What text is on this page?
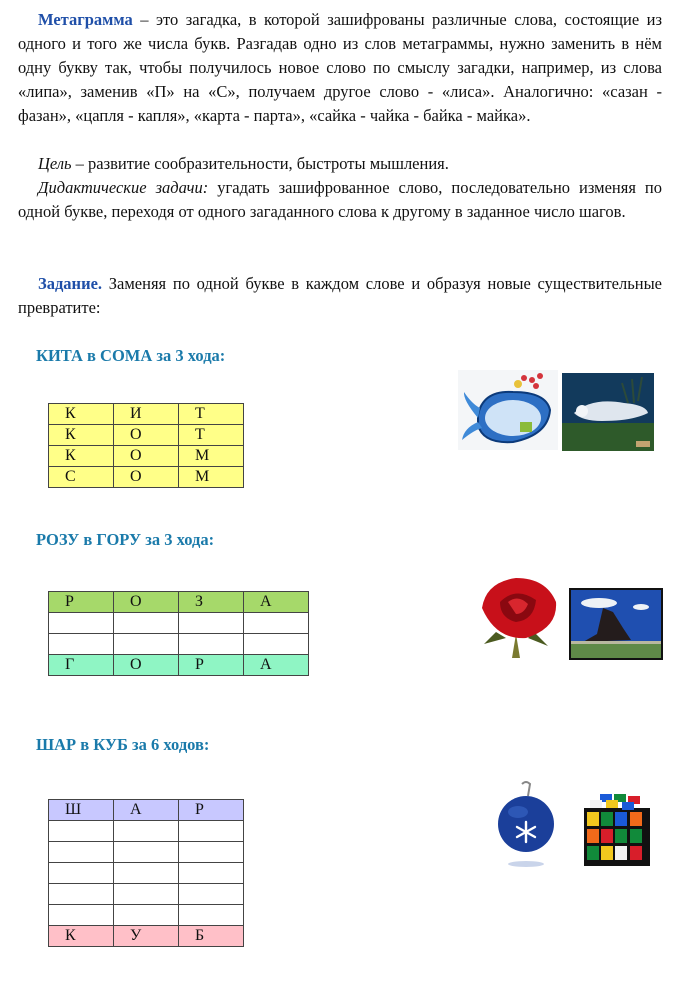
Метаграмма – это загадка, в которой зашифрованы различные слова, состоящие из одного и того же числа букв. Разгадав одно из слов метаграммы, нужно заменить в нём одну букву так, чтобы получилось новое слово по смыслу загадки, например, из слова «липа», заменив «П» на «С», получаем другое слово - «лиса». Аналогично: «сазан - фазан», «цапля - капля», «карта - парта», «сайка - чайка - байка - майка».
Цель – развитие сообразительности, быстроты мышления.
Дидактические задачи: угадать зашифрованное слово, последовательно изменяя по одной букве, переходя от одного загаданного слова к другому в заданное число шагов.
Задание. Заменяя по одной букве в каждом слове и образуя новые существительные превратите:
КИТА в СОМА за 3 хода:
К	И	Т
К	О	Т
К	О	М
С	О	М
РОЗУ в ГОРУ за 3 хода:
Р	О	З	А

Г	О	Р	А
ШАР в КУБ за 6 ходов:
Ш	А	Р

К	У	Б
